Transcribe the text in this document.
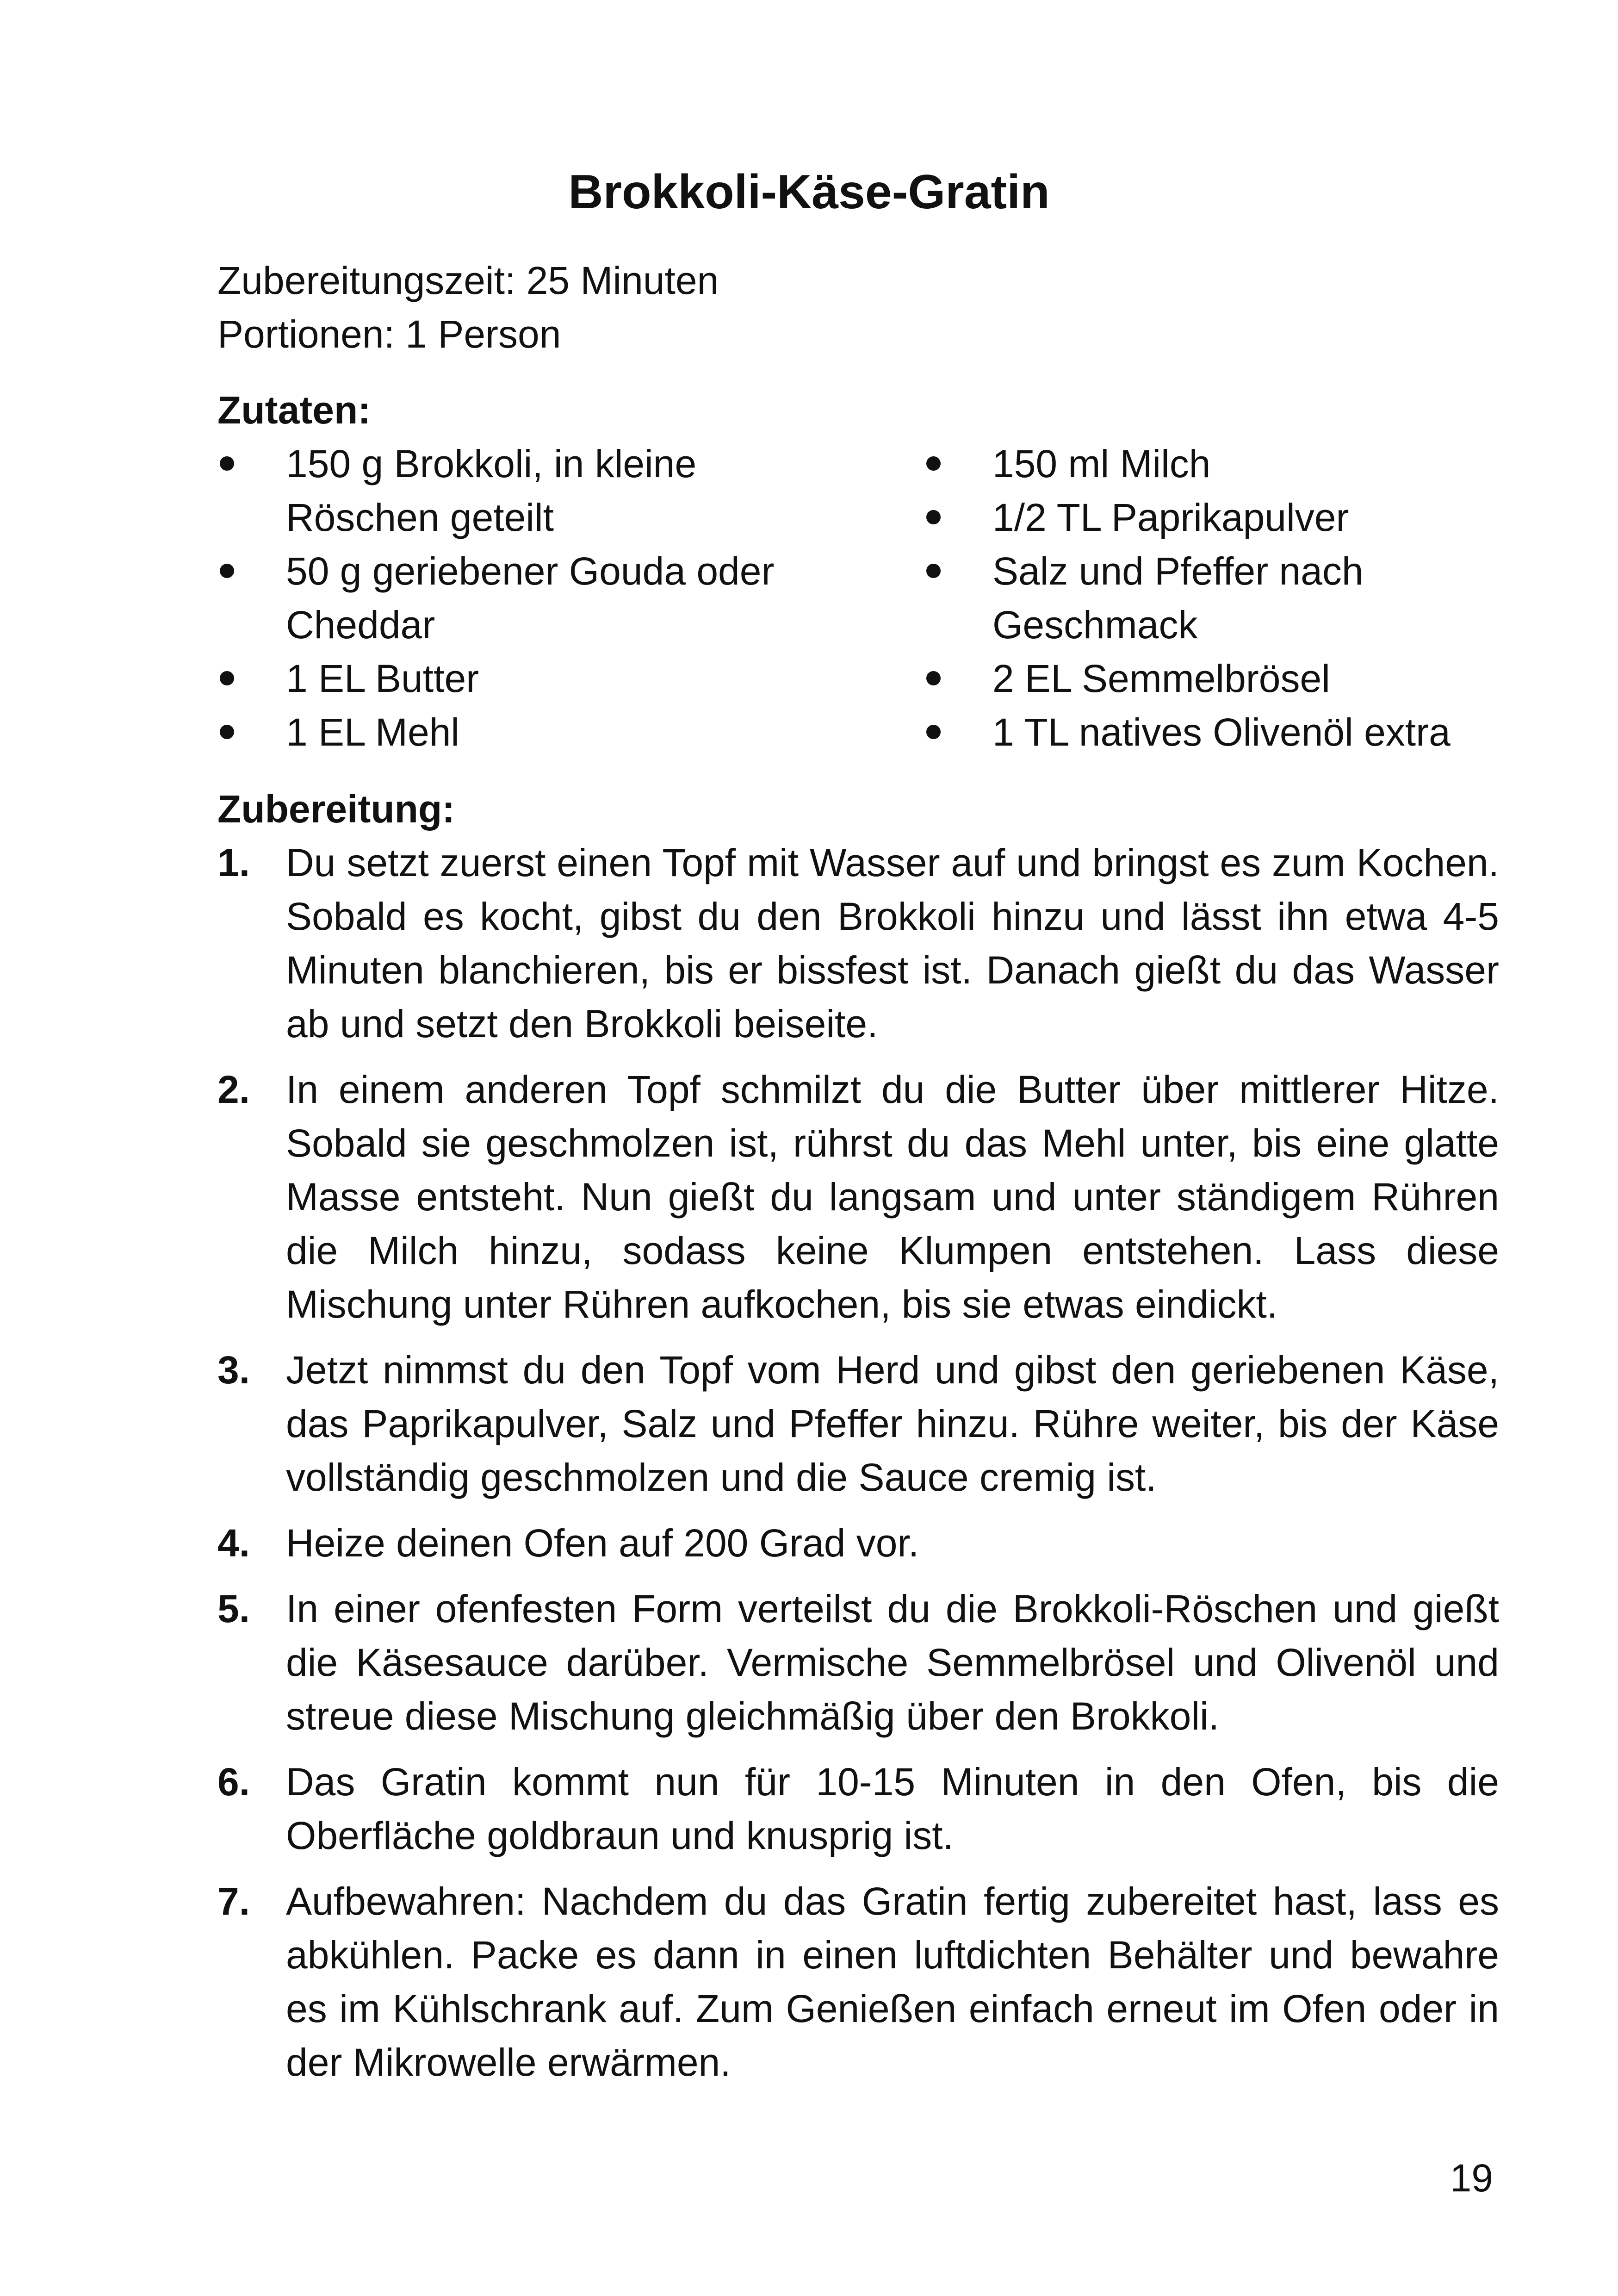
Brokkoli-Käse-Gratin
Zubereitungszeit: 25 Minuten
Portionen: 1 Person
Zutaten:
150 g Brokkoli, in kleine Röschen geteilt
50 g geriebener Gouda oder Cheddar
1 EL Butter
1 EL Mehl
150 ml Milch
1/2 TL Paprikapulver
Salz und Pfeffer nach Geschmack
2 EL Semmelbrösel
1 TL natives Olivenöl extra
Zubereitung:
1. Du setzt zuerst einen Topf mit Wasser auf und bringst es zum Kochen. Sobald es kocht, gibst du den Brokkoli hinzu und lässt ihn etwa 4-5 Minuten blanchieren, bis er bissfest ist. Danach gießt du das Wasser ab und setzt den Brokkoli beiseite.
2. In einem anderen Topf schmilzt du die Butter über mittlerer Hitze. Sobald sie geschmolzen ist, rührst du das Mehl unter, bis eine glatte Masse entsteht. Nun gießt du langsam und unter ständigem Rühren die Milch hinzu, sodass keine Klumpen entstehen. Lass diese Mischung unter Rühren aufkochen, bis sie etwas eindickt.
3. Jetzt nimmst du den Topf vom Herd und gibst den geriebenen Käse, das Paprikapulver, Salz und Pfeffer hinzu. Rühre weiter, bis der Käse vollständig geschmolzen und die Sauce cremig ist.
4. Heize deinen Ofen auf 200 Grad vor.
5. In einer ofenfesten Form verteilst du die Brokkoli-Röschen und gießt die Käsesauce darüber. Vermische Semmelbrösel und Olivenöl und streue diese Mischung gleichmäßig über den Brokkoli.
6. Das Gratin kommt nun für 10-15 Minuten in den Ofen, bis die Oberfläche goldbraun und knusprig ist.
7. Aufbewahren: Nachdem du das Gratin fertig zubereitet hast, lass es abkühlen. Packe es dann in einen luftdichten Behälter und bewahre es im Kühlschrank auf. Zum Genießen einfach erneut im Ofen oder in der Mikrowelle erwärmen.
19
